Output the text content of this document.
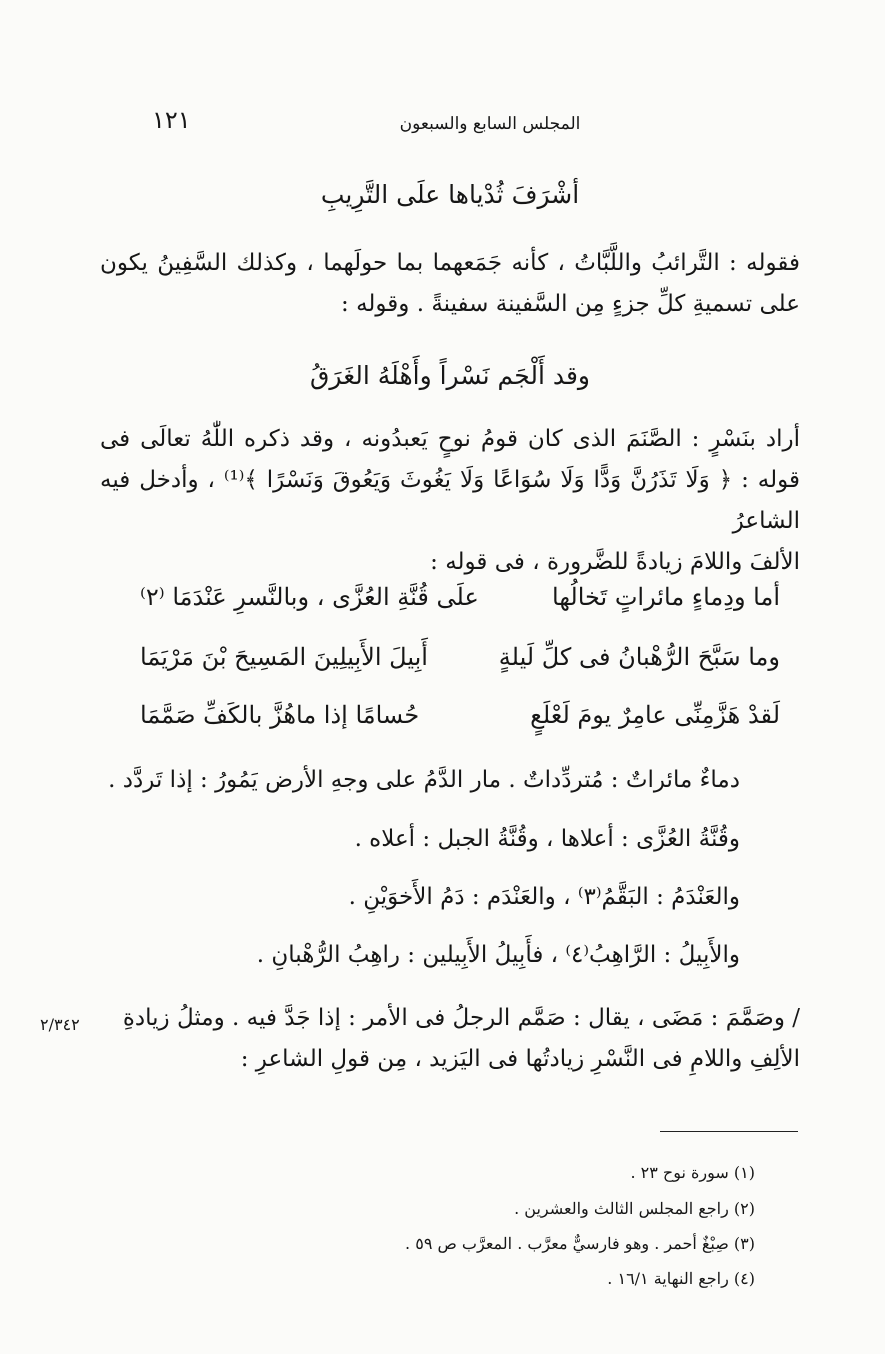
١٢١	المجلس السابع والسبعون
أشْرَفَ ثُدْياها علَى التَّرِيبِ

فقوله : التَّرائبُ واللَّبَّاتُ ، كأنه جَمَعهما بما حولَهما ، وكذلك السَّفِينُ يكون

على تسميةِ كلِّ جزءٍ مِن السَّفينة سفينةً . وقوله :

وقد أَلْجَم نَسْراً وأَهْلَهُ الغَرَقُ

أراد بنَسْرٍ : الصَّنَمَ الذى كان قومُ نوحٍ يَعبدُونه ، وقد ذكره اللّٰهُ تعالَى فى

قوله : ﴿ وَلَا تَذَرُنَّ وَدًّا وَلَا سُوَاعًا وَلَا يَغُوثَ وَيَعُوقَ وَنَسْرًا ﴾⁽¹⁾ ، وأدخل فيه الشاعرُ

الألفَ واللامَ زيادةً للضَّرورة ، فى قوله :

أما ودِماءٍ مائراتٍ تَخالُها
علَى قُنَّةِ العُزَّى ، وبالنَّسرِ عَنْدَمَا ⁽٢⁾
وما سَبَّحَ الرُّهْبانُ فى كلِّ لَيلةٍ
أَبِيلَ الأَبِيلِينَ المَسِيحَ بْنَ مَرْيَمَا
لَقدْ هَزَّمِنِّى عامِرٌ يومَ لَعْلَعٍ
حُسامًا إذا ماهُزَّ بالكَفِّ صَمَّمَا
دماءٌ مائراتٌ : مُتردِّداتٌ . مار الدَّمُ على وجهِ الأرض يَمُورُ : إذا تَردَّد .
وقُنَّةُ العُزَّى : أعلاها ، وقُنَّةُ الجبل : أعلاه .
والعَنْدَمُ : البَقَّمُ⁽٣⁾ ، والعَنْدَم : دَمُ الأَخوَيْنِ .
والأَبِيلُ : الرَّاهِبُ⁽٤⁾ ، فأَبِيلُ الأَبِيلين : راهِبُ الرُّهْبانِ .
٢/٣٤٢ / وصَمَّمَ : مَضَى ، يقال : صَمَّم الرجلُ فى الأمر : إذا جَدَّ فيه . ومثلُ زيادةِ
الألِفِ واللامِ فى النَّسْرِ زيادتُها فى اليَزيد ، مِن قولِ الشاعرِ :
(١) سورة نوح ٢٣ .
(٢) راجع المجلس الثالث والعشرين .
(٣) صِبْغٌ أحمر . وهو فارسيٌّ معرَّب . المعرَّب ص ٥٩ .
(٤) راجع النهاية ١٦/١ .
